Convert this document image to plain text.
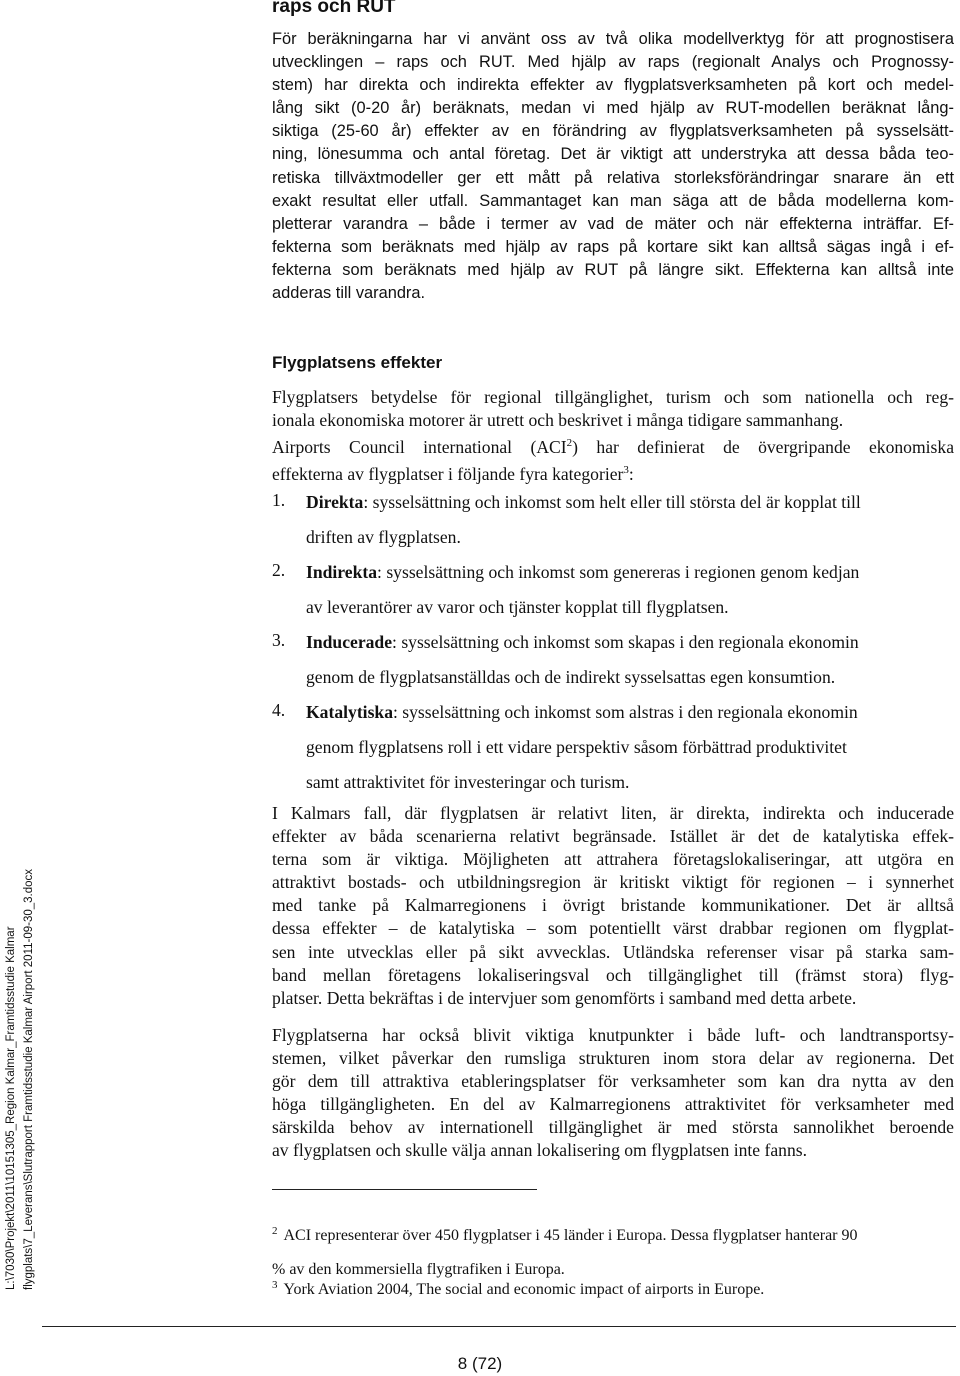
raps och RUT
För beräkningarna har vi använt oss av två olika modellverktyg för att prognostisera
utvecklingen – raps och RUT. Med hjälp av raps (regionalt Analys och Prognossy-
stem) har direkta och indirekta effekter av flygplatsverksamheten på kort och medel-
lång sikt (0-20 år) beräknats, medan vi med hjälp av RUT-modellen beräknat lång-
siktiga (25-60 år) effekter av en förändring av flygplatsverksamheten på sysselsätt-
ning, lönesumma och antal företag. Det är viktigt att understryka att dessa båda teo-
retiska tillväxtmodeller ger ett mått på relativa storleksförändringar snarare än ett
exakt resultat eller utfall. Sammantaget kan man säga att de båda modellerna kom-
pletterar varandra – både i termer av vad de mäter och när effekterna inträffar. Ef-
fekterna som beräknats med hjälp av raps på kortare sikt kan alltså sägas ingå i ef-
fekterna som beräknats med hjälp av RUT på längre sikt. Effekterna kan alltså inte
adderas till varandra.
Flygplatsens effekter
Flygplatsers betydelse för regional tillgänglighet, turism och som nationella och reg-
ionala ekonomiska motorer är utrett och beskrivet i många tidigare sammanhang.
Airports Council international (ACI$^2$) har definierat de övergripande ekonomiska
effekterna av flygplatser i följande fyra kategorier$^3$:
1. Direkta: sysselsättning och inkomst som helt eller till största del är kopplat till
driften av flygplatsen.
2. Indirekta: sysselsättning och inkomst som genereras i regionen genom kedjan
av leverantörer av varor och tjänster kopplat till flygplatsen.
3. Inducerade: sysselsättning och inkomst som skapas i den regionala ekonomin
genom de flygplatsanställdas och de indirekt sysselsattas egen konsumtion.
4. Katalytiska: sysselsättning och inkomst som alstras i den regionala ekonomin
genom flygplatsens roll i ett vidare perspektiv såsom förbättrad produktivitet
samt attraktivitet för investeringar och turism.
I Kalmars fall, där flygplatsen är relativt liten, är direkta, indirekta och inducerade
effekter av båda scenarierna relativt begränsade. Istället är det de katalytiska effek-
terna som är viktiga. Möjligheten att attrahera företagslokaliseringar, att utgöra en
attraktivt bostads- och utbildningsregion är kritiskt viktigt för regionen – i synnerhet
med tanke på Kalmarregionens i övrigt bristande kommunikationer. Det är alltså
dessa effekter – de katalytiska – som potentiellt värst drabbar regionen om flygplat-
sen inte utvecklas eller på sikt avvecklas. Utländska referenser visar på starka sam-
band mellan företagens lokaliseringsval och tillgänglighet till (främst stora) flyg-
platser. Detta bekräftas i de intervjuer som genomförts i samband med detta arbete.
Flygplatserna har också blivit viktiga knutpunkter i både luft- och landtransportsy-
stemen, vilket påverkar den rumsliga strukturen inom stora delar av regionerna. Det
gör dem till attraktiva etableringsplatser för verksamheter som kan dra nytta av den
höga tillgängligheten. En del av Kalmarregionens attraktivitet för verksamheter med
särskilda behov av internationell tillgänglighet är med största sannolikhet beroende
av flygplatsen och skulle välja annan lokalisering om flygplatsen inte fanns.
$^2$ ACI representerar över 450 flygplatser i 45 länder i Europa. Dessa flygplatser hanterar 90
% av den kommersiella flygtrafiken i Europa.
$^3$ York Aviation 2004, The social and economic impact of airports in Europe.
L:\7030\Projekt\2011\10151305_Region Kalmar_Framtidsstudie Kalmar flygplats\7_Leverans\Slutrapport Framtidsstudie Kalmar Airport 2011-09-30_3.docx
8 (72)
